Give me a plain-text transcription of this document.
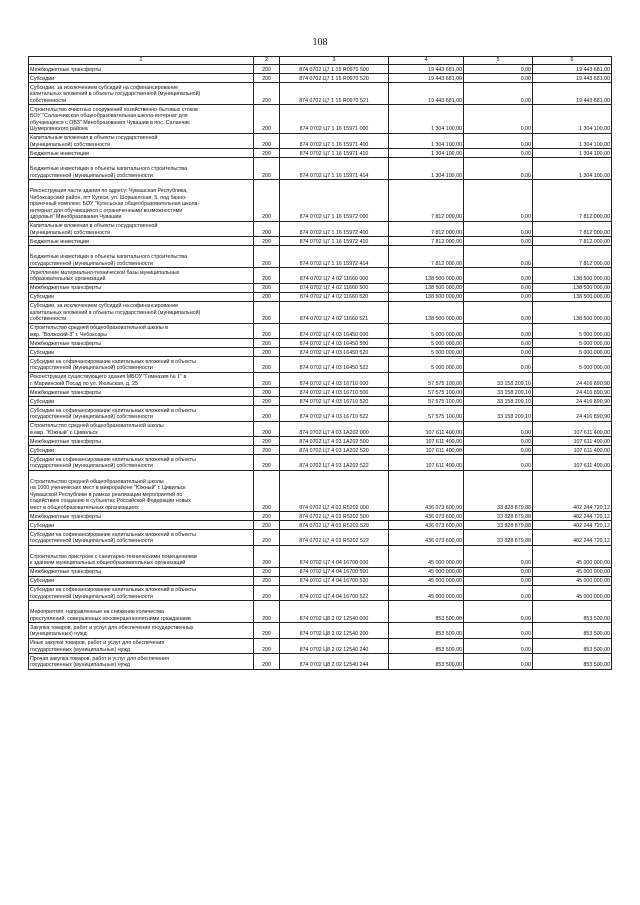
108
1	2	3	4	5	6
Межбюджетные трансферты	200	874 0702 Ц7 1 15 R0970 500	19 443 681,00	0,00	19 443 681,00
Субсидии	200	874 0702 Ц7 1 15 R0970 520	19 443 681,00	0,00	19 443 681,00
Субсидии, за исключением субсидий на софинансирование
капитальных вложений в объекты государственной (муниципальной)
собственности	200	874 0702 Ц7 1 15 R0970 521	19 443 681,00	0,00	19 443 681,00
Строительство очистных сооружений хозяйственно-бытовых стоков
БОУ "Саланчикская общеобразовательная школа-интернат для
обучающихся с ОВЗ" Минобразования Чувашии в пос. Саланчик
Шумерлинского района	200	874 0702 Ц7 1 16 15971 000	1 304 100,00	0,00	1 304 100,00
Капитальные вложения в объекты государственной
(муниципальной) собственности	200	874 0702 Ц7 1 16 15971 400	1 304 100,00	0,00	1 304 100,00
Бюджетные инвестиции	200	874 0702 Ц7 1 16 15971 410	1 304 100,00	0,00	1 304 100,00
Бюджетные инвестиции в объекты капитального строительства
государственной (муниципальной) собственности	200	874 0702 Ц7 1 16 15971 414	1 304 100,00	0,00	1 304 100,00
Реконструкция части здания по адресу: Чувашская Республика,
Чебоксарский район, пгт Кугеси, ул. Шоршелская, 5, под банно-
прачечный комплекс БОУ "Кугесьская общеобразовательная школа-
интернат для обучающихся с ограниченными возможностями
здоровья" Минобразования Чувашии	200	874 0702 Ц7 1 16 15972 000	7 812 000,00	0,00	7 812 000,00
Капитальные вложения в объекты государственной
(муниципальной) собственности	200	874 0702 Ц7 1 16 15972 400	7 812 000,00	0,00	7 812 000,00
Бюджетные инвестиции	200	874 0702 Ц7 1 16 15972 410	7 812 000,00	0,00	7 812 000,00
Бюджетные инвестиции в объекты капитального строительства
государственной (муниципальной) собственности	200	874 0702 Ц7 1 16 15972 414	7 812 000,00	0,00	7 812 000,00
Укрепление материально-технической базы муниципальных
образовательных организаций	200	874 0702 Ц7 4 02 11660 000	138 500 000,00	0,00	138 500 000,00
Межбюджетные трансферты	200	874 0702 Ц7 4 02 11660 500	138 500 000,00	0,00	138 500 000,00
Субсидии	200	874 0702 Ц7 4 02 11660 520	138 500 000,00	0,00	138 500 000,00
Субсидии, за исключением субсидий на софинансирование
капитальных вложений в объекты государственной (муниципальной)
собственности	200	874 0702 Ц7 4 02 11660 521	138 500 000,00	0,00	138 500 000,00
Строительство средней общеобразовательной школы в
мкр. "Волжский-3" г. Чебоксары	200	874 0702 Ц7 4 03 16450 000	5 000 000,00	0,00	5 000 000,00
Межбюджетные трансферты	200	874 0702 Ц7 4 03 16450 500	5 000 000,00	0,00	5 000 000,00
Субсидии	200	874 0702 Ц7 4 03 16450 520	5 000 000,00	0,00	5 000 000,00
Субсидии на софинансирование капитальных вложений в объекты
государственной (муниципальной) собственности	200	874 0702 Ц7 4 03 16450 522	5 000 000,00	0,00	5 000 000,00
Реконструкция существующего здания МБОУ "Гимназия № 1" в
г. Мариинский Посад по ул. Июльская, д. 25	200	874 0702 Ц7 4 03 16710 000	57 575 100,00	33 158 209,10	24 416 890,90
Межбюджетные трансферты	200	874 0702 Ц7 4 03 16710 500	57 575 100,00	33 158 209,10	24 416 890,90
Субсидии	200	874 0702 Ц7 4 03 16710 520	57 575 100,00	33 158 209,10	24 416 890,90
Субсидии на софинансирование капитальных вложений в объекты
государственной (муниципальной) собственности	200	874 0702 Ц7 4 03 16710 522	57 575 100,00	33 158 209,10	24 416 890,90
Строительство средней общеобразовательной школы
в мкр. "Южный" г. Цивильск	200	874 0702 Ц7 4 03 1A202 000	107 611 400,00	0,00	107 611 400,00
Межбюджетные трансферты	200	874 0702 Ц7 4 03 1A202 500	107 611 400,00	0,00	107 611 400,00
Субсидии	200	874 0702 Ц7 4 03 1A202 520	107 611 400,00	0,00	107 611 400,00
Субсидии на софинансирование капитальных вложений в объекты
государственной (муниципальной) собственности	200	874 0702 Ц7 4 03 1A202 522	107 611 400,00	0,00	107 611 400,00
Строительство средней общеобразовательной школы
на 1000 ученических мест в микрорайоне "Южный" г. Цивильск
Чувашской Республики в рамках реализации мероприятий по
содействию созданию в субъектах Российской Федерации новых
мест в общеобразовательных организациях	200	874 0702 Ц7 4 03 R5202 000	436 073 600,00	33 828 879,88	402 244 720,12
Межбюджетные трансферты	200	874 0702 Ц7 4 03 R5202 500	436 073 600,00	33 828 879,88	402 244 720,12
Субсидии	200	874 0702 Ц7 4 03 R5202 520	436 073 600,00	33 828 879,88	402 244 720,12
Субсидии на софинансирование капитальных вложений в объекты
государственной (муниципальной) собственности	200	874 0702 Ц7 4 03 R5202 522	436 073 600,00	33 828 879,88	402 244 720,12
Строительство пристроек с санитарно-техническими помещениями
к зданиям муниципальных общеобразовательных организаций	200	874 0702 Ц7 4 04 16700 000	45 000 000,00	0,00	45 000 000,00
Межбюджетные трансферты	200	874 0702 Ц7 4 04 16700 500	45 000 000,00	0,00	45 000 000,00
Субсидии	200	874 0702 Ц7 4 04 16700 520	45 000 000,00	0,00	45 000 000,00
Субсидии на софинансирование капитальных вложений в объекты
государственной (муниципальной) собственности	200	874 0702 Ц7 4 04 16700 522	45 000 000,00	0,00	45 000 000,00
Мероприятия, направленные на снижение количества
преступлений, совершенных несовершеннолетними гражданами	200	874 0702 Ц8 2 02 12540 000	853 500,00	0,00	853 500,00
Закупка товаров, работ и услуг для обеспечения государственных
(муниципальных) нужд	200	874 0702 Ц8 2 02 12540 200	853 500,00	0,00	853 500,00
Иные закупки товаров, работ и услуг для обеспечения
государственных (муниципальных) нужд	200	874 0702 Ц8 2 02 12540 240	853 500,00	0,00	853 500,00
Прочая закупка товаров, работ и услуг для обеспечения
государственных (муниципальных) нужд	200	874 0702 Ц8 2 02 12540 244	853 500,00	0,00	853 500,00
